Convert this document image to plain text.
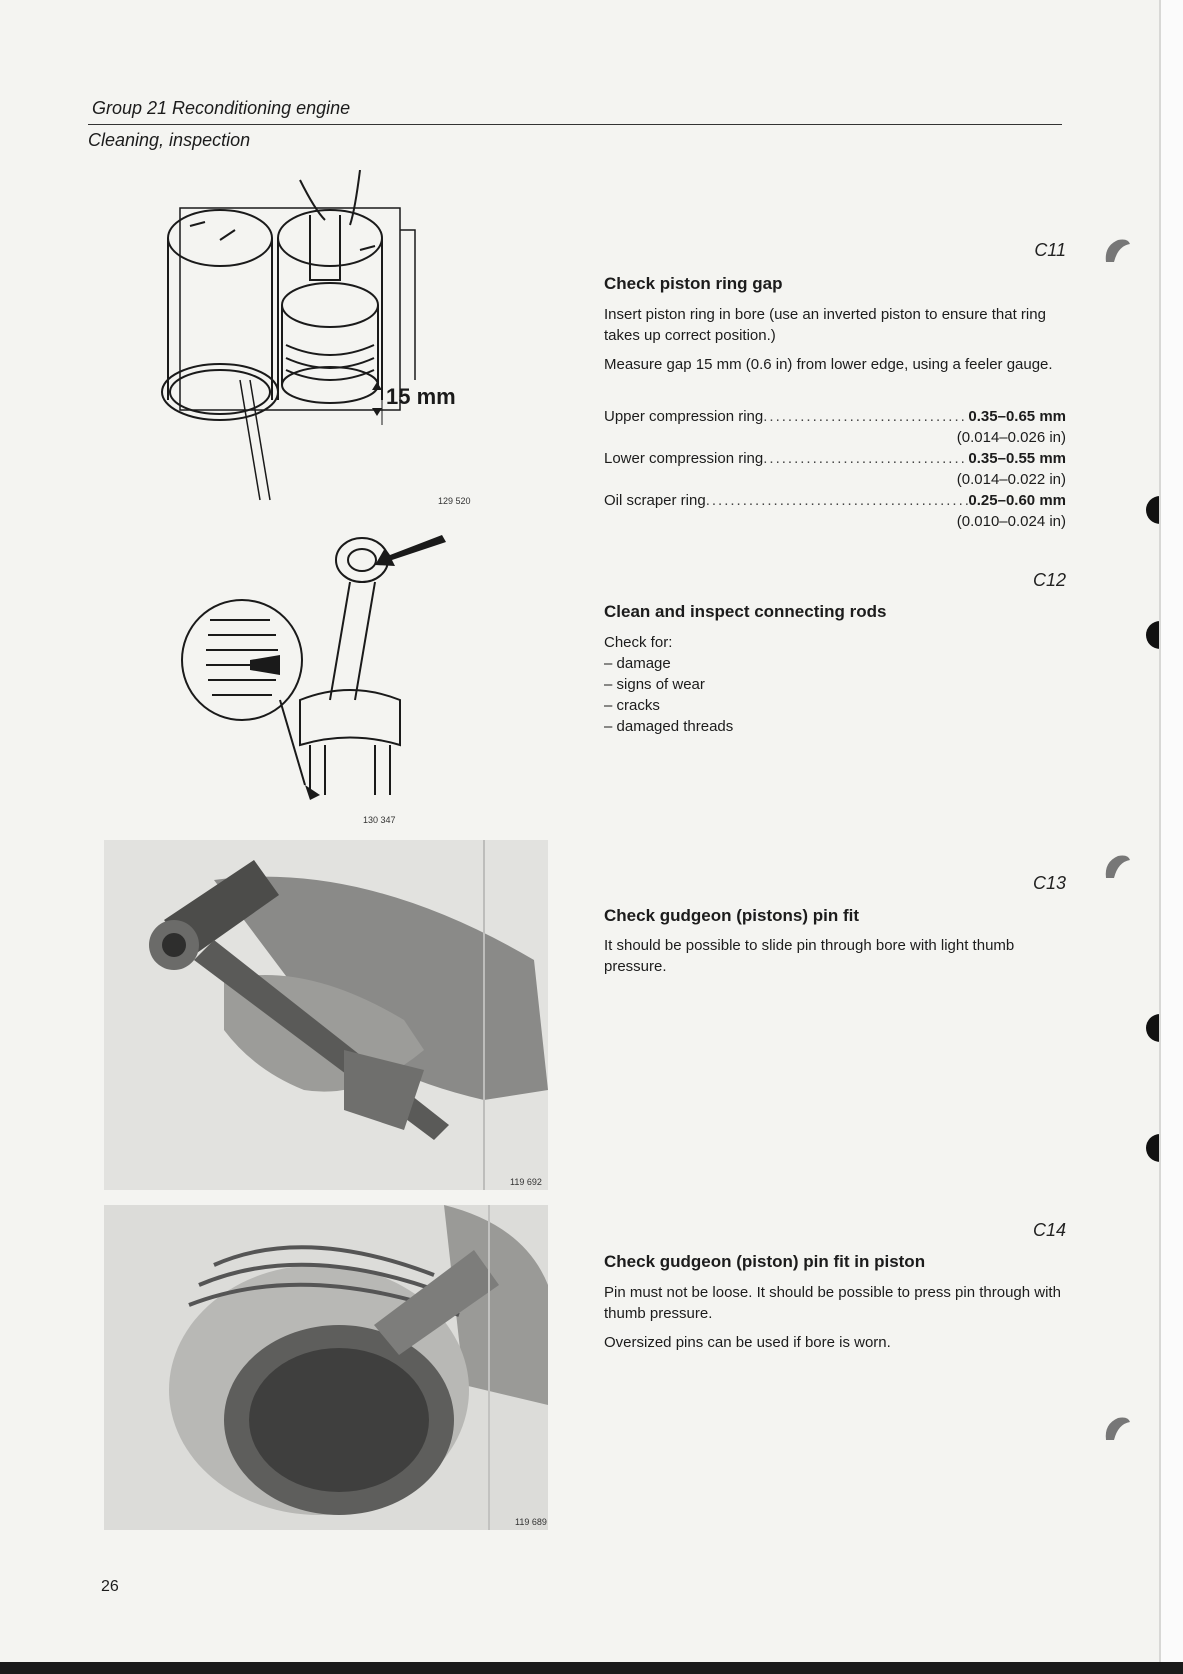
Group 21 Reconditioning engine
Cleaning, inspection
15 mm
129 520
130 347
119 692
119 689
C11
Check piston ring gap
Insert piston ring in bore (use an inverted piston to ensure that ring takes up correct position.)
Measure gap 15 mm (0.6 in) from lower edge, using a feeler gauge.
Upper compression ring .....	0.35–0.65 mm
(0.014–0.026 in)
Lower compression ring .....	0.35–0.55 mm
(0.014–0.022 in)
Oil scraper ring .....	0.25–0.60 mm
(0.010–0.024 in)
C12
Clean and inspect connecting rods
Check for:
– damage
– signs of wear
– cracks
– damaged threads
C13
Check gudgeon (pistons) pin fit
It should be possible to slide pin through bore with light thumb pressure.
C14
Check gudgeon (piston) pin fit in piston
Pin must not be loose. It should be possible to press pin through with thumb pressure.
Oversized pins can be used if bore is worn.
26
